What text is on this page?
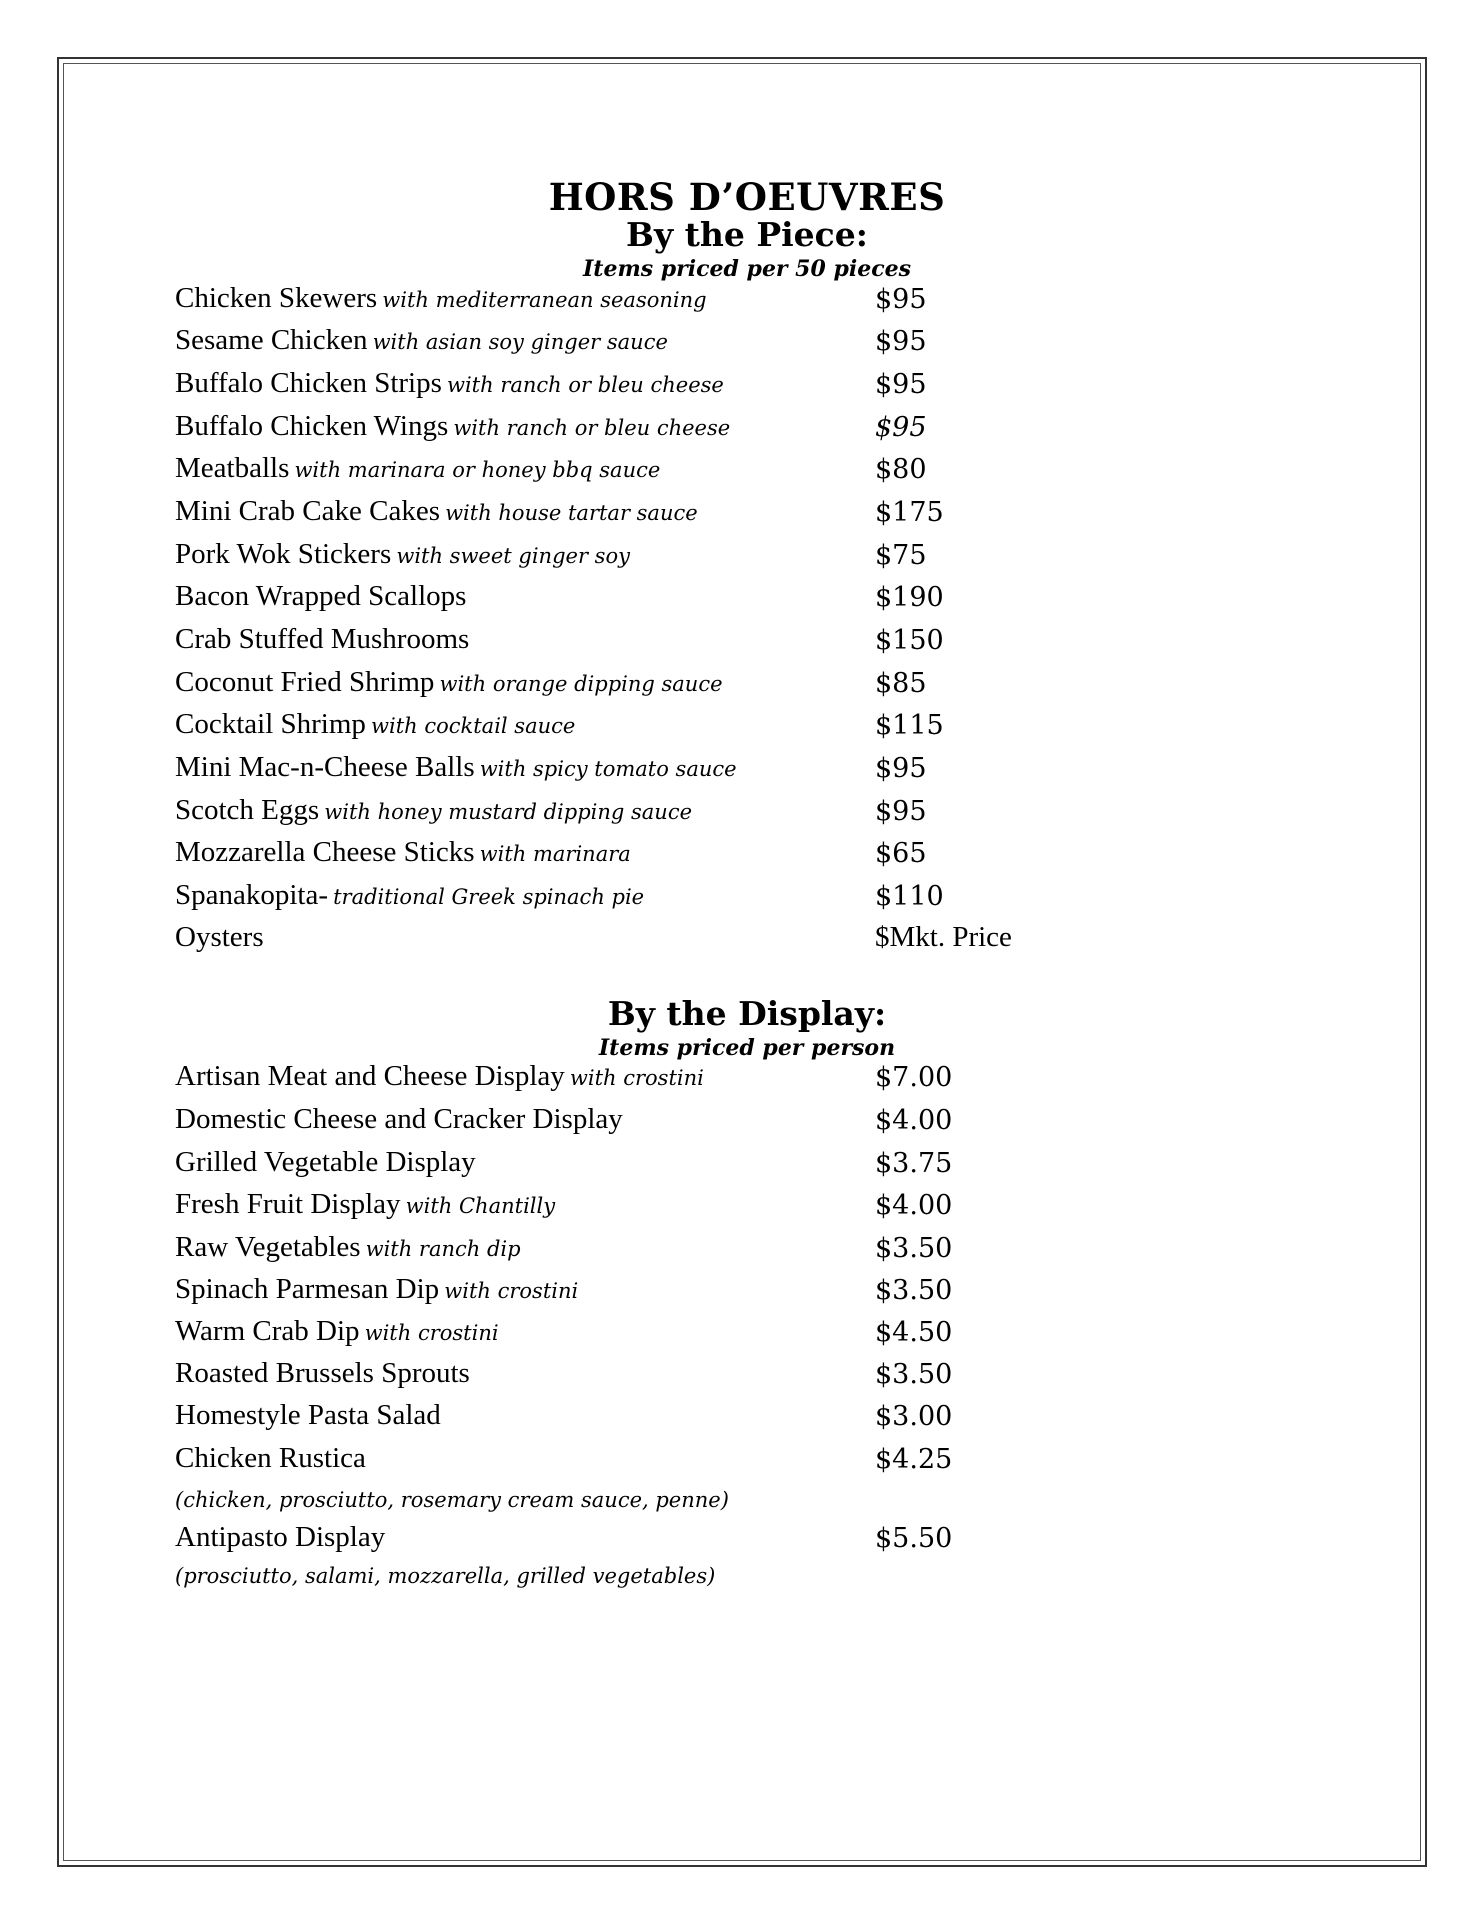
HORS D’OEUVRES
By the Piece:
Items priced per 50 pieces
Chicken Skewers with mediterranean seasoning	$95
Sesame Chicken with asian soy ginger sauce	$95
Buffalo Chicken Strips with ranch or bleu cheese	$95
Buffalo Chicken Wings with ranch or bleu cheese	$95
Meatballs with marinara or honey bbq sauce	$80
Mini Crab Cake Cakes with house tartar sauce	$175
Pork Wok Stickers with sweet ginger soy	$75
Bacon Wrapped Scallops	$190
Crab Stuffed Mushrooms	$150
Coconut Fried Shrimp with orange dipping sauce	$85
Cocktail Shrimp with cocktail sauce	$115
Mini Mac-n-Cheese Balls with spicy tomato sauce	$95
Scotch Eggs with honey mustard dipping sauce	$95
Mozzarella Cheese Sticks with marinara	$65
Spanakopita- traditional Greek spinach pie	$110
Oysters	$Mkt. Price
By the Display:
Items priced per person
Artisan Meat and Cheese Display with crostini	$7.00
Domestic Cheese and Cracker Display	$4.00
Grilled Vegetable Display	$3.75
Fresh Fruit Display with Chantilly	$4.00
Raw Vegetables with ranch dip	$3.50
Spinach Parmesan Dip with crostini	$3.50
Warm Crab Dip with crostini	$4.50
Roasted Brussels Sprouts	$3.50
Homestyle Pasta Salad	$3.00
Chicken Rustica	$4.25
(chicken, prosciutto, rosemary cream sauce, penne)
Antipasto Display	$5.50
(prosciutto, salami, mozzarella, grilled vegetables)
